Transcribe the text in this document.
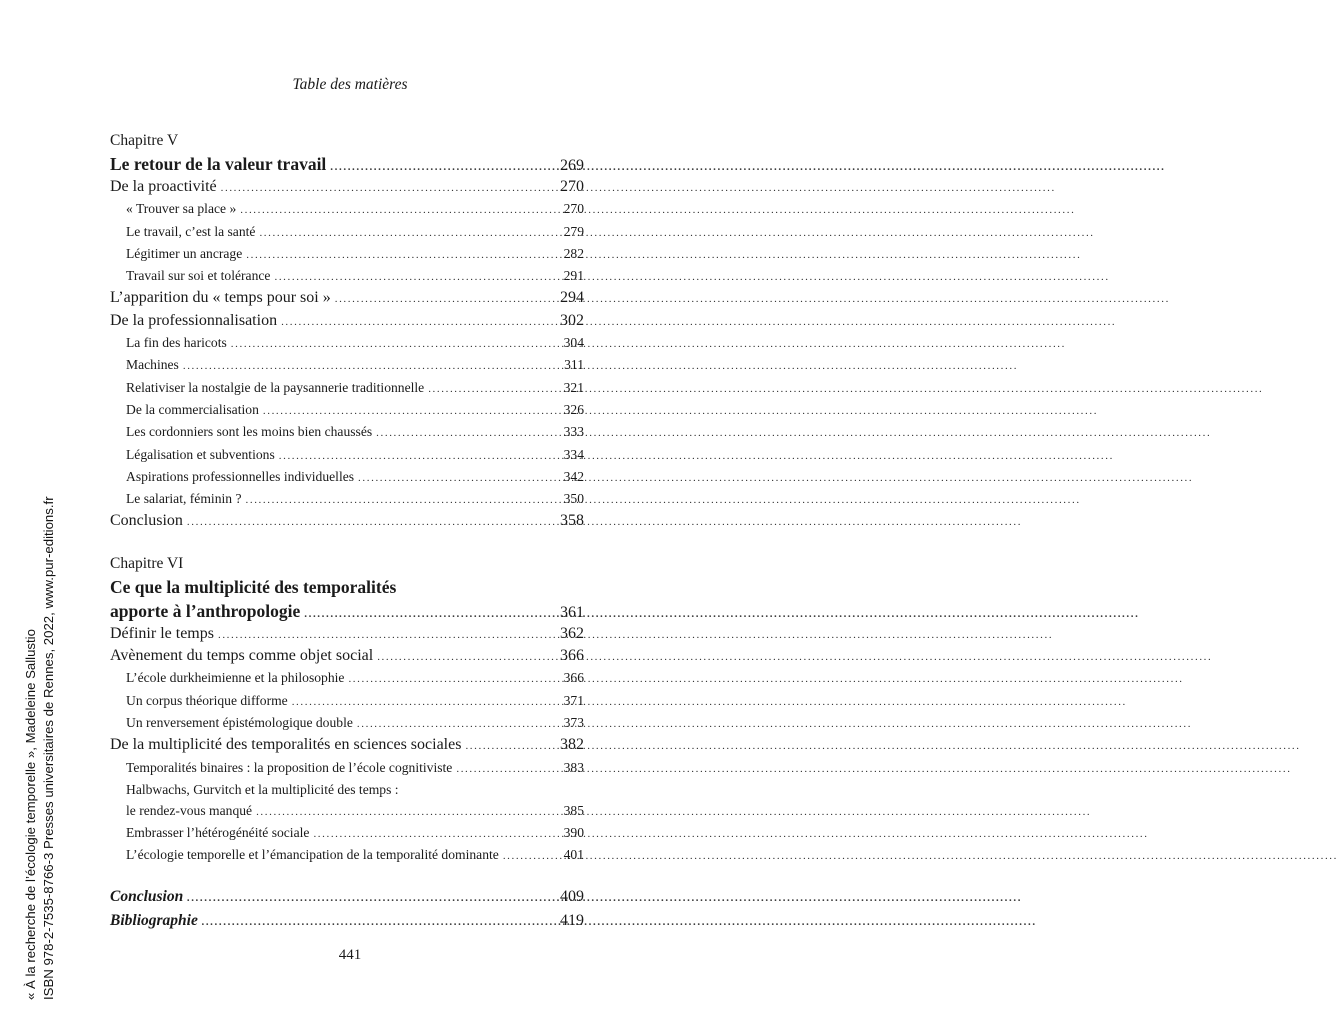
Table des matières
Chapitre V
Le retour de la valeur travail .....	269
De la proactivité .....	270
« Trouver sa place » .....	270
Le travail, c’est la santé .....	279
Légitimer un ancrage .....	282
Travail sur soi et tolérance .....	291
L’apparition du « temps pour soi » .....	294
De la professionnalisation .....	302
La fin des haricots .....	304
Machines .....	311
Relativiser la nostalgie de la paysannerie traditionnelle .....	321
De la commercialisation .....	326
Les cordonniers sont les moins bien chaussés .....	333
Légalisation et subventions .....	334
Aspirations professionnelles individuelles .....	342
Le salariat, féminin ? .....	350
Conclusion .....	358
Chapitre VI
Ce que la multiplicité des temporalités
apporte à l’anthropologie .....	361
Définir le temps .....	362
Avènement du temps comme objet social .....	366
L’école durkheimienne et la philosophie .....	366
Un corpus théorique difforme .....	371
Un renversement épistémologique double .....	373
De la multiplicité des temporalités en sciences sociales .....	382
Temporalités binaires : la proposition de l’école cognitiviste .....	383
Halbwachs, Gurvitch et la multiplicité des temps :
le rendez-vous manqué .....	385
Embrasser l’hétérogénéité sociale .....	390
L’écologie temporelle et l’émancipation de la temporalité dominante .....	401
Conclusion .....	409
Bibliographie .....	419
441
« À la recherche de l’écologie temporelle », Madeleine Sallustio ISBN 978-2-7535-8766-3 Presses universitaires de Rennes, 2022, www.pur-editions.fr
